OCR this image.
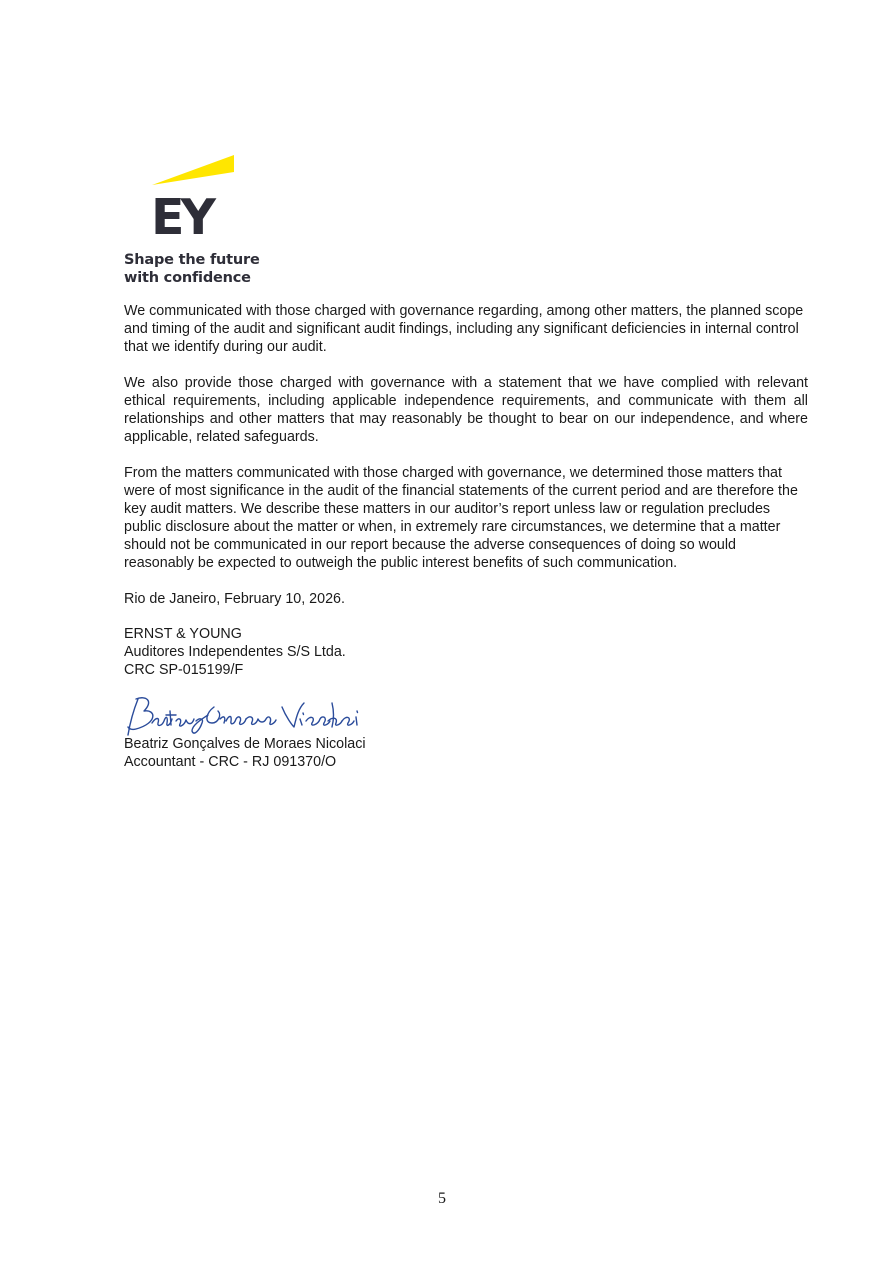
EY
Shape the future
with confidence

We communicated with those charged with governance regarding, among other matters, the planned scope and timing of the audit and significant audit findings, including any significant deficiencies in internal control that we identify during our audit.

We also provide those charged with governance with a statement that we have complied with relevant ethical requirements, including applicable independence requirements, and communicate with them all relationships and other matters that may reasonably be thought to bear on our independence, and where applicable, related safeguards.

From the matters communicated with those charged with governance, we determined those matters that were of most significance in the audit of the financial statements of the current period and are therefore the key audit matters. We describe these matters in our auditor’s report unless law or regulation precludes public disclosure about the matter or when, in extremely rare circumstances, we determine that a matter should not be communicated in our report because the adverse consequences of doing so would reasonably be expected to outweigh the public interest benefits of such communication.

Rio de Janeiro, February 10, 2026.

ERNST & YOUNG
Auditores Independentes S/S Ltda.
CRC SP-015199/F
Beatriz Gonçalves de Moraes Nicolaci
Accountant - CRC - RJ 091370/O
5
